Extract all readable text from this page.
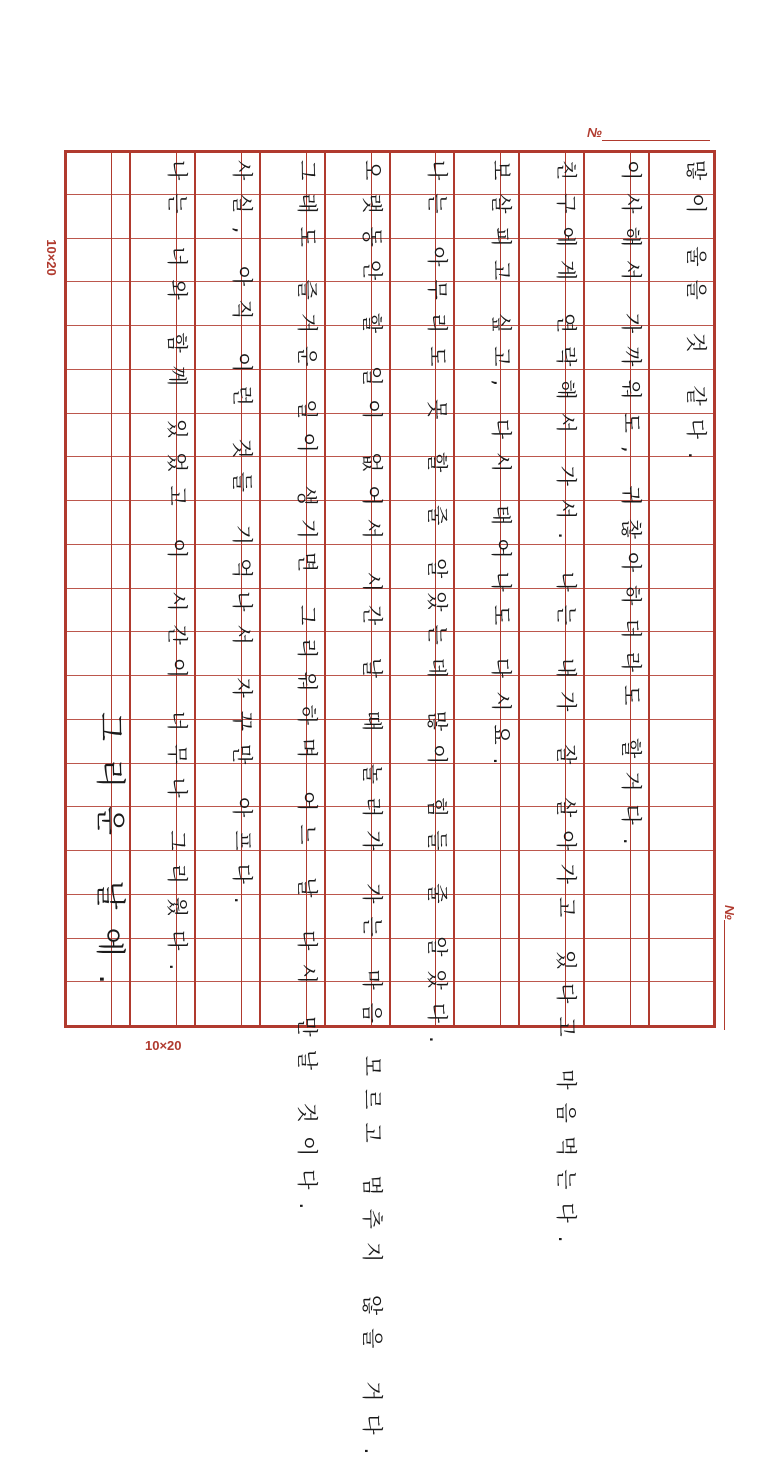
많이 울을 것 같다.
이사해서 가까워도, 귀찮아하더라도 할거다.
친구에게 연락해서 가서. 나는 내가 잘 살아가고 있다고 마음먹는다.
보살피고 싶고, 다시 태어나도 다시요.
나는 아무리도 못 할 줄 알았는데 많이 힘들 줄 알았다.
오랫동안 할 일이 없어서 시간 날 때 놀러가 가는 마음 모르고 멈추지 않을 거다.
그래도 즐거운 일이 생기면 그리워하며 어느 날 다시 만날 것이다.
사실, 아직 이런 것들 기억나서 자꾸만 아프다.
나는 너와 함께 있었고 이 시간이 너무나 그리웠다.
그리운 날에.
10×20
10×20
№
№
